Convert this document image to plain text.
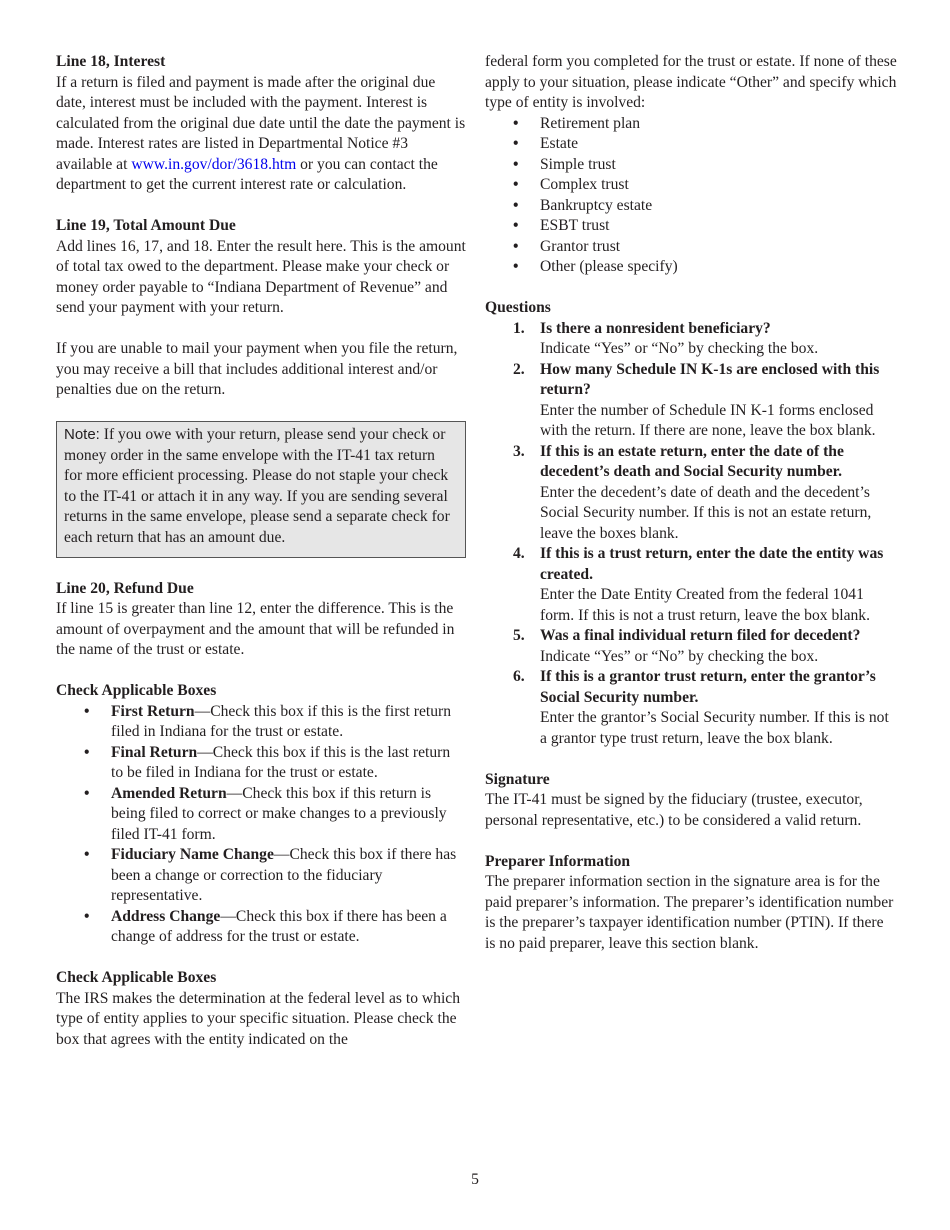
Line 18, Interest

If a return is filed and payment is made after the original due date, interest must be included with the payment. Interest is calculated from the original due date until the date the payment is made. Interest rates are listed in Departmental Notice #3 available at www.in.gov/dor/3618.htm or you can contact the department to get the current interest rate or calculation.

Line 19, Total Amount Due

Add lines 16, 17, and 18. Enter the result here. This is the amount of total tax owed to the department. Please make your check or money order payable to “Indiana Department of Revenue” and send your payment with your return.

If you are unable to mail your payment when you file the return, you may receive a bill that includes additional interest and/or penalties due on the return.

Note: If you owe with your return, please send your check or money order in the same envelope with the IT-41 tax return for more efficient processing. Please do not staple your check to the IT-41 or attach it in any way. If you are sending several returns in the same envelope, please send a separate check for each return that has an amount due.
Line 20, Refund Due

If line 15 is greater than line 12, enter the difference. This is the amount of overpayment and the amount that will be refunded in the name of the trust or estate.

Check Applicable Boxes
• First Return—Check this box if this is the first return filed in Indiana for the trust or estate.
• Final Return—Check this box if this is the last return to be filed in Indiana for the trust or estate.
• Amended Return—Check this box if this return is being filed to correct or make changes to a previously filed IT-41 form.
• Fiduciary Name Change—Check this box if there has been a change or correction to the fiduciary representative.
• Address Change—Check this box if there has been a change of address for the trust or estate.
Check Applicable Boxes

The IRS makes the determination at the federal level as to which type of entity applies to your specific situation. Please check the box that agrees with the entity indicated on the

federal form you completed for the trust or estate. If none of these apply to your situation, please indicate “Other” and specify which type of entity is involved:

• Retirement plan
• Estate
• Simple trust
• Complex trust
• Bankruptcy estate
• ESBT trust
• Grantor trust
• Other (please specify)
Questions
1. Is there a nonresident beneficiary?
Indicate “Yes” or “No” by checking the box.
2. How many Schedule IN K-1s are enclosed with this return?
Enter the number of Schedule IN K-1 forms enclosed with the return. If there are none, leave the box blank.
3. If this is an estate return, enter the date of the decedent’s death and Social Security number.
Enter the decedent’s date of death and the decedent’s Social Security number. If this is not an estate return, leave the boxes blank.
4. If this is a trust return, enter the date the entity was created.
Enter the Date Entity Created from the federal 1041 form. If this is not a trust return, leave the box blank.
5. Was a final individual return filed for decedent?
Indicate “Yes” or “No” by checking the box.
6. If this is a grantor trust return, enter the grantor’s Social Security number.
Enter the grantor’s Social Security number. If this is not a grantor type trust return, leave the box blank.
Signature

The IT-41 must be signed by the fiduciary (trustee, executor, personal representative, etc.) to be considered a valid return.

Preparer Information

The preparer information section in the signature area is for the paid preparer’s information. The preparer’s identification number is the preparer’s taxpayer identification number (PTIN). If there is no paid preparer, leave this section blank.

5
